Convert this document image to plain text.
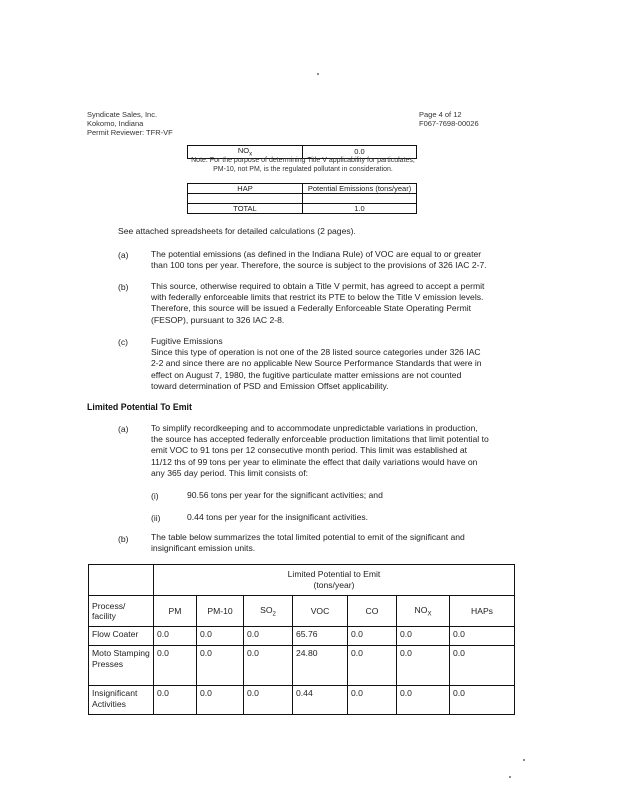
Syndicate Sales, Inc.
Kokomo, Indiana
Permit Reviewer: TFR-VF
Page 4 of 12
F067-7698-00026
$NO_x$	0.0
Note: For the purpose of determining Title V applicability for particulates,
PM-10, not PM, is the regulated pollutant in consideration.
HAP	Potential Emissions (tons/year)

TOTAL	1.0
See attached spreadsheets for detailed calculations (2 pages).
(a)	The potential emissions (as defined in the Indiana Rule) of VOC are equal to or greater
than 100 tons per year. Therefore, the source is subject to the provisions of 326 IAC 2-7.
(b)	This source, otherwise required to obtain a Title V permit, has agreed to accept a permit
with federally enforceable limits that restrict its PTE to below the Title V emission levels.
Therefore, this source will be issued a Federally Enforceable State Operating Permit
(FESOP), pursuant to 326 IAC 2-8.
(c)	Fugitive Emissions
Since this type of operation is not one of the 28 listed source categories under 326 IAC
2-2 and since there are no applicable New Source Performance Standards that were in
effect on August 7, 1980, the fugitive particulate matter emissions are not counted
toward determination of PSD and Emission Offset applicability.
Limited Potential To Emit
(a)	To simplify recordkeeping and to accommodate unpredictable variations in production,
the source has accepted federally enforceable production limitations that limit potential to
emit VOC to 91 tons per 12 consecutive month period. This limit was established at
11/12 ths of 99 tons per year to eliminate the effect that daily variations would have on
any 365 day period. This limit consists of:
(i)	90.56 tons per year for the significant activities; and
(ii)	0.44 tons per year for the insignificant activities.
(b)	The table below summarizes the total limited potential to emit of the significant and
insignificant emission units.

	Limited Potential to Emit
(tons/year)						

Process/ facility	PM	PM-10	$SO_2$	VOC	CO	$NO_X$	HAPs
Flow Coater	0.0	0.0	0.0	65.76	0.0	0.0	0.0
Moto Stamping Presses	0.0	0.0	0.0	24.80	0.0	0.0	0.0
Insignificant Activities	0.0	0.0	0.0	0.44	0.0	0.0	0.0
